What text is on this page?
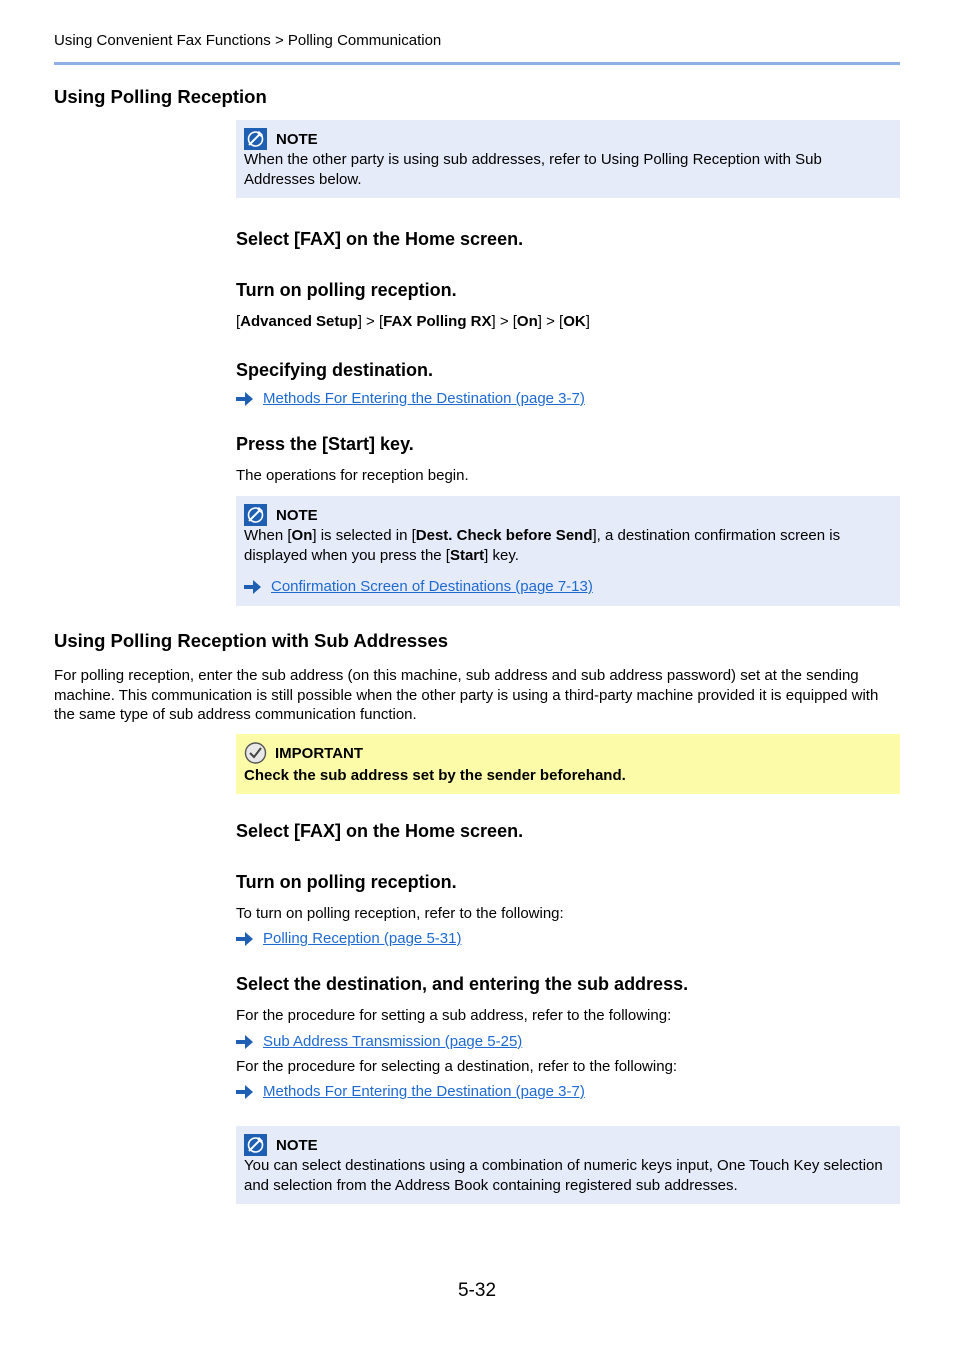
Using Convenient Fax Functions > Polling Communication
Using Polling Reception
NOTE
When the other party is using sub addresses, refer to Using Polling Reception with Sub Addresses below.
Select [FAX] on the Home screen.
Turn on polling reception.
[Advanced Setup] > [FAX Polling RX] > [On] > [OK]
Specifying destination.
Methods For Entering the Destination (page 3-7)
Press the [Start] key.
The operations for reception begin.
NOTE
When [On] is selected in [Dest. Check before Send], a destination confirmation screen is displayed when you press the [Start] key.
Confirmation Screen of Destinations (page 7-13)
Using Polling Reception with Sub Addresses
For polling reception, enter the sub address (on this machine, sub address and sub address password) set at the sending machine. This communication is still possible when the other party is using a third-party machine provided it is equipped with the same type of sub address communication function.
IMPORTANT
Check the sub address set by the sender beforehand.
Select [FAX] on the Home screen.
Turn on polling reception.
To turn on polling reception, refer to the following:
Polling Reception (page 5-31)
Select the destination, and entering the sub address.
For the procedure for setting a sub address, refer to the following:
Sub Address Transmission (page 5-25)
For the procedure for selecting a destination, refer to the following:
Methods For Entering the Destination (page 3-7)
NOTE
You can select destinations using a combination of numeric keys input, One Touch Key selection and selection from the Address Book containing registered sub addresses.
5-32
